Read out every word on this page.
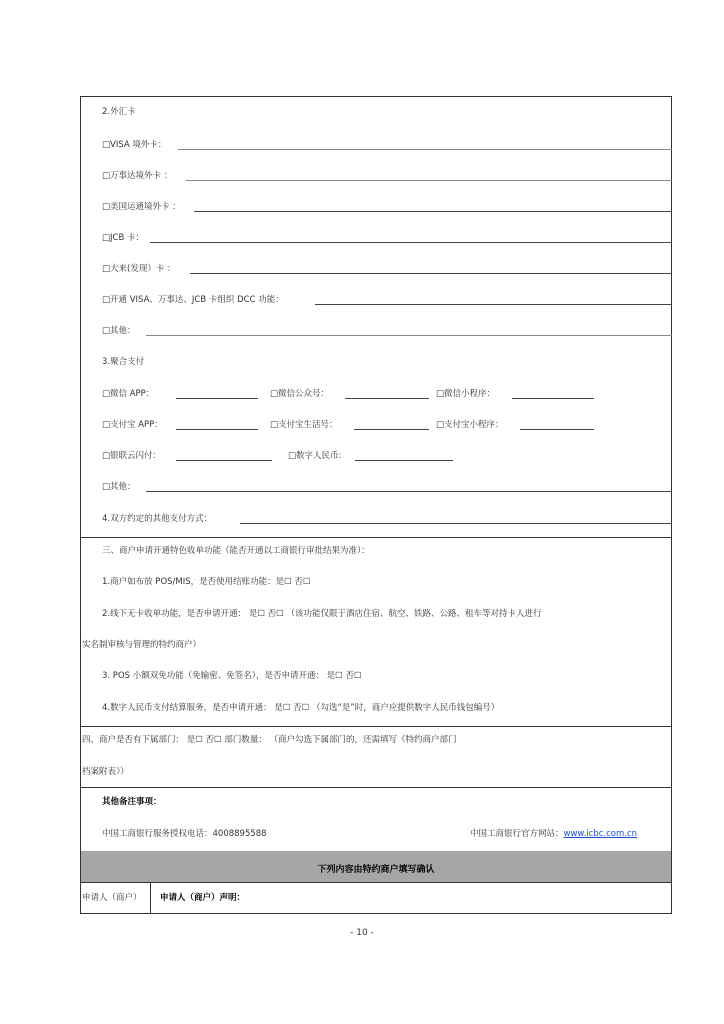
2.外汇卡
□VISA 境外卡：
□万事达境外卡 ：
□美国运通境外卡 ：
□JCB 卡：
□大来(发现）卡 ：
□开通 VISA、万事达、JCB 卡组织 DCC 功能：
□其他：
3.聚合支付
□微信 APP：	□微信公众号：	□微信小程序：
□支付宝 APP：	□支付宝生活号：	□支付宝小程序：
□银联云闪付：	□数字人民币:
□其他：
4.双方约定的其他支付方式：
三、商户申请开通特色收单功能（能否开通以工商银行审批结果为准）：
1.商户如布放 POS/MIS，是否使用结账功能：是☐ 否☐
2.线下无卡收单功能，是否申请开通： 是☐ 否☐ （该功能仅限于酒店住宿、航空、铁路、公路、租车等对持卡人进行
实名制审核与管理的特约商户）
3. POS 小额双免功能（免输密、免签名），是否申请开通： 是☐ 否☐
4.数字人民币支付结算服务，是否申请开通： 是☐ 否☐ （勾选“是”时，商户应提供数字人民币钱包编号）
四、商户是否有下属部门： 是☐ 否☐ 部门数量： （商户勾选下属部门的，还需填写《特约商户部门
档案附表》）
其他备注事项：
中国工商银行服务授权电话：4008895588	中国工商银行官方网站：www.icbc.com.cn
下列内容由特约商户填写确认
申请人（商户） 申请人（商户）声明：
- 10 -
